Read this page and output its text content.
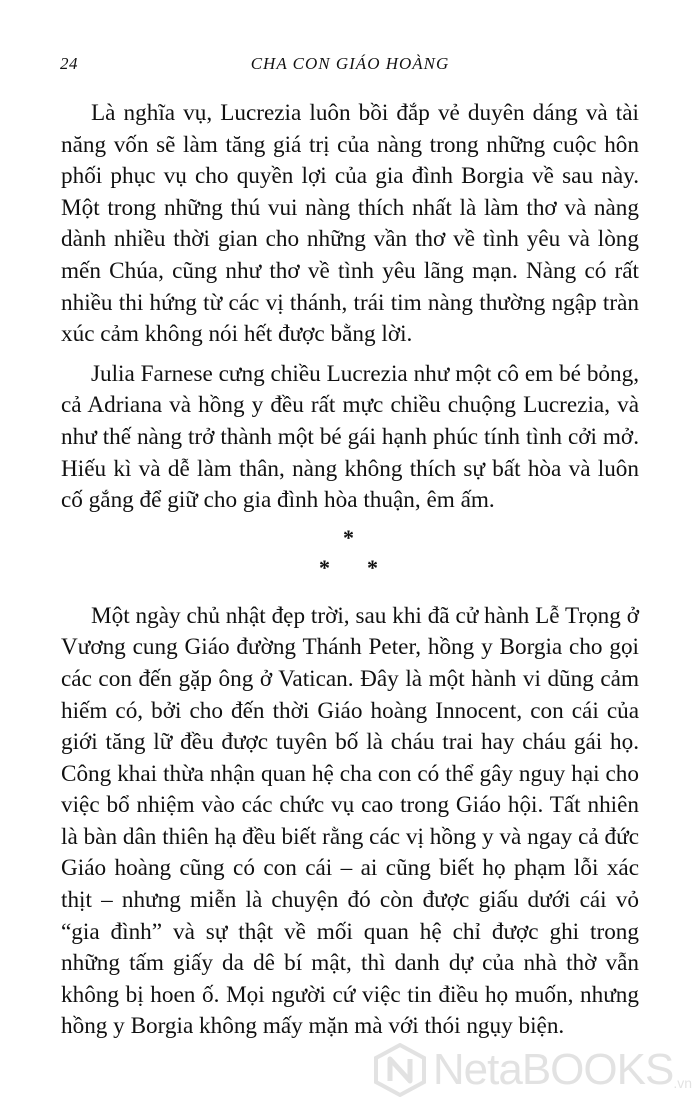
24	CHA CON GIÁO HOÀNG

Là nghĩa vụ, Lucrezia luôn bồi đắp vẻ duyên dáng và tài năng vốn sẽ làm tăng giá trị của nàng trong những cuộc hôn phối phục vụ cho quyền lợi của gia đình Borgia về sau này. Một trong những thú vui nàng thích nhất là làm thơ và nàng dành nhiều thời gian cho những vần thơ về tình yêu và lòng mến Chúa, cũng như thơ về tình yêu lãng mạn. Nàng có rất nhiều thi hứng từ các vị thánh, trái tim nàng thường ngập tràn xúc cảm không nói hết được bằng lời.

Julia Farnese cưng chiều Lucrezia như một cô em bé bỏng, cả Adriana và hồng y đều rất mực chiều chuộng Lucrezia, và như thế nàng trở thành một bé gái hạnh phúc tính tình cởi mở. Hiếu kì và dễ làm thân, nàng không thích sự bất hòa và luôn cố gắng để giữ cho gia đình hòa thuận, êm ấm.

*
* *

Một ngày chủ nhật đẹp trời, sau khi đã cử hành Lễ Trọng ở Vương cung Giáo đường Thánh Peter, hồng y Borgia cho gọi các con đến gặp ông ở Vatican. Đây là một hành vi dũng cảm hiếm có, bởi cho đến thời Giáo hoàng Innocent, con cái của giới tăng lữ đều được tuyên bố là cháu trai hay cháu gái họ. Công khai thừa nhận quan hệ cha con có thể gây nguy hại cho việc bổ nhiệm vào các chức vụ cao trong Giáo hội. Tất nhiên là bàn dân thiên hạ đều biết rằng các vị hồng y và ngay cả đức Giáo hoàng cũng có con cái – ai cũng biết họ phạm lỗi xác thịt – nhưng miễn là chuyện đó còn được giấu dưới cái vỏ “gia đình” và sự thật về mối quan hệ chỉ được ghi trong những tấm giấy da dê bí mật, thì danh dự của nhà thờ vẫn không bị hoen ố. Mọi người cứ việc tin điều họ muốn, nhưng hồng y Borgia không mấy mặn mà với thói ngụy biện.

NetaBOOKS .vn
